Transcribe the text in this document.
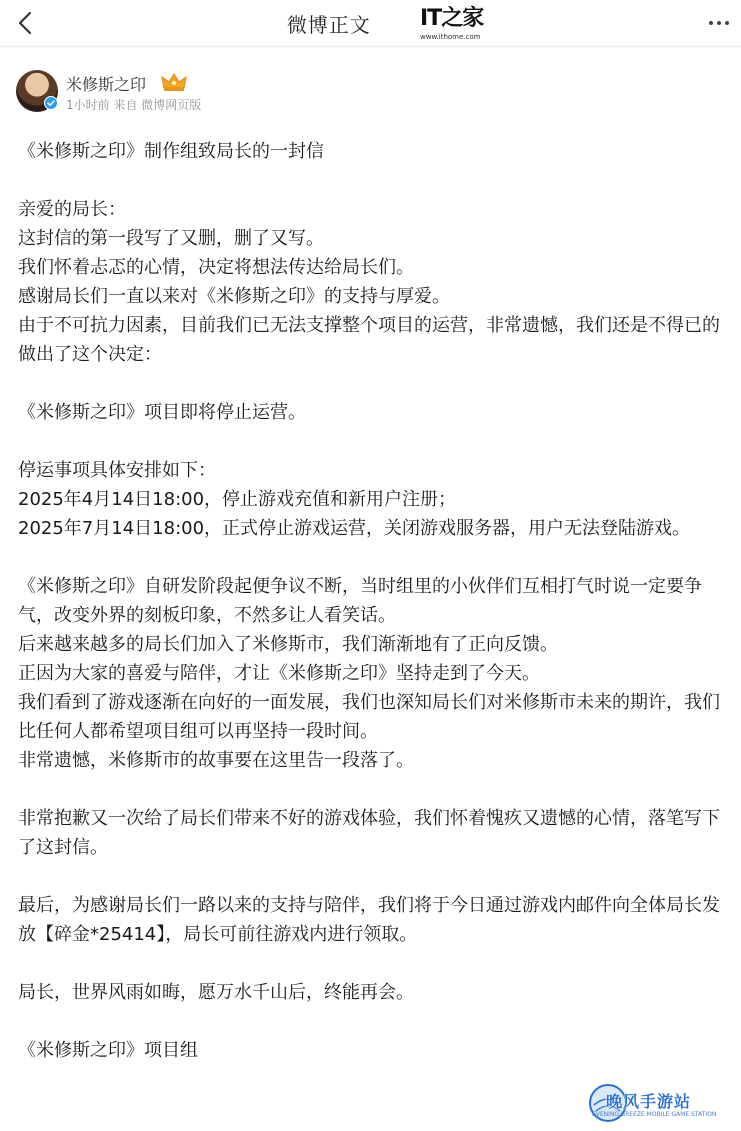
微博正文	IT之家
www.ithome.com
米修斯之印
1小时前 来自 微博网页版

《米修斯之印》制作组致局长的一封信

亲爱的局长：

这封信的第一段写了又删，删了又写。

我们怀着忐忑的心情，决定将想法传达给局长们。

感谢局长们一直以来对《米修斯之印》的支持与厚爱。

由于不可抗力因素，目前我们已无法支撑整个项目的运营，非常遗憾，我们还是不得已的做出了这个决定：

《米修斯之印》项目即将停止运营。

停运事项具体安排如下：

2025年4月14日18:00，停止游戏充值和新用户注册；

2025年7月14日18:00，正式停止游戏运营，关闭游戏服务器，用户无法登陆游戏。

《米修斯之印》自研发阶段起便争议不断，当时组里的小伙伴们互相打气时说一定要争气，改变外界的刻板印象，不然多让人看笑话。

后来越来越多的局长们加入了米修斯市，我们渐渐地有了正向反馈。

正因为大家的喜爱与陪伴，才让《米修斯之印》坚持走到了今天。

我们看到了游戏逐渐在向好的一面发展，我们也深知局长们对米修斯市未来的期许，我们比任何人都希望项目组可以再坚持一段时间。

非常遗憾，米修斯市的故事要在这里告一段落了。

非常抱歉又一次给了局长们带来不好的游戏体验，我们怀着愧疚又遗憾的心情，落笔写下了这封信。

最后，为感谢局长们一路以来的支持与陪伴，我们将于今日通过游戏内邮件向全体局长发放【碎金*25414】，局长可前往游戏内进行领取。

局长，世界风雨如晦，愿万水千山后，终能再会。

《米修斯之印》项目组

晚风手游站
EVENING BREEZE MOBILE GAME STATION
